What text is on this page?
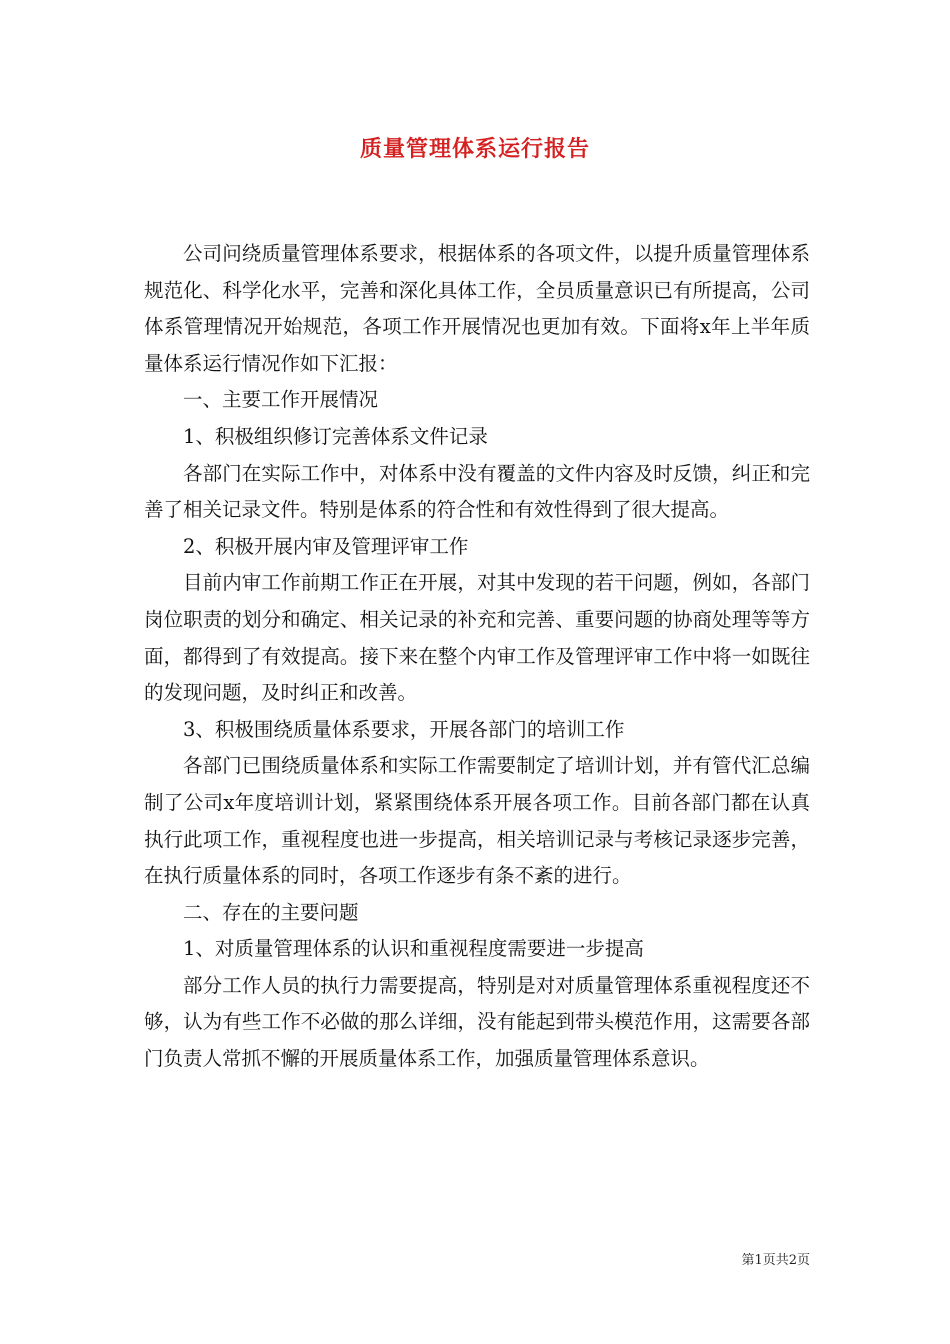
质量管理体系运行报告

公司问绕质量管理体系要求，根据体系的各项文件，以提升质量管理体系规范化、科学化水平，完善和深化具体工作，全员质量意识已有所提高，公司体系管理情况开始规范，各项工作开展情况也更加有效。下面将x年上半年质量体系运行情况作如下汇报：

一、主要工作开展情况

1、积极组织修订完善体系文件记录

各部门在实际工作中，对体系中没有覆盖的文件内容及时反馈，纠正和完善了相关记录文件。特别是体系的符合性和有效性得到了很大提高。

2、积极开展内审及管理评审工作

目前内审工作前期工作正在开展，对其中发现的若干问题，例如，各部门岗位职责的划分和确定、相关记录的补充和完善、重要问题的协商处理等等方面，都得到了有效提高。接下来在整个内审工作及管理评审工作中将一如既往的发现问题，及时纠正和改善。

3、积极围绕质量体系要求，开展各部门的培训工作

各部门已围绕质量体系和实际工作需要制定了培训计划，并有管代汇总编制了公司x年度培训计划，紧紧围绕体系开展各项工作。目前各部门都在认真执行此项工作，重视程度也进一步提高，相关培训记录与考核记录逐步完善，在执行质量体系的同时，各项工作逐步有条不紊的进行。

二、存在的主要问题

1、对质量管理体系的认识和重视程度需要进一步提高

部分工作人员的执行力需要提高，特别是对对质量管理体系重视程度还不够，认为有些工作不必做的那么详细，没有能起到带头模范作用，这需要各部门负责人常抓不懈的开展质量体系工作，加强质量管理体系意识。

第1页共2页
